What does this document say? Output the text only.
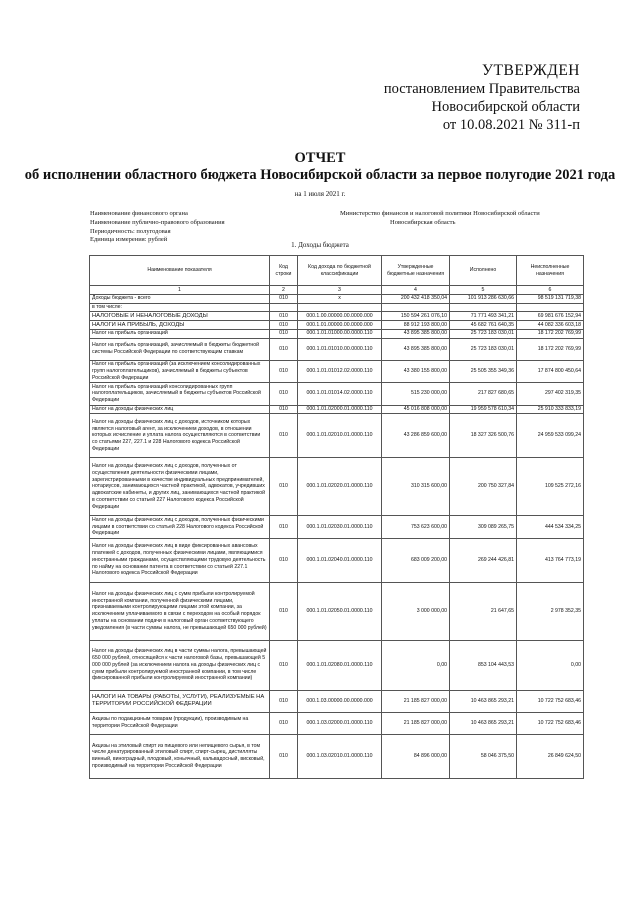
УТВЕРЖДЕН
постановлением Правительства
Новосибирской области
от 10.08.2021 № 311-п
ОТЧЕТ
об исполнении областного бюджета Новосибирской области за первое полугодие 2021 года
на 1 июля 2021 г.
Наименование финансового органа	Министерство финансов и налоговой политики Новосибирской области
Наименование публично-правового образования	Новосибирская область
Периодичность: полугодовая
Единица измерения: рублей
1. Доходы бюджета
Наименование показателя	Код строки	Код дохода по бюджетной классификации	Утвержденные бюджетные назначения	Исполнено	Неисполненные назначения
1	2	3	4	5	6
Доходы бюджета - всего	010	х	200 432 418 350,04	101 913 286 630,66	98 519 131 719,38
в том числе:					
НАЛОГОВЫЕ И НЕНАЛОГОВЫЕ ДОХОДЫ	010	000.1.00.00000.00.0000.000	150 594 261 076,10	71 771 493 341,21	69 981 676 152,94
НАЛОГИ НА ПРИБЫЛЬ, ДОХОДЫ	010	000.1.01.00000.00.0000.000	88 912 193 800,00	45 682 761 640,35	44 082 336 603,18
Налог на прибыль организаций	010	000.1.01.01000.00.0000.110	43 895 385 800,00	25 723 183 030,01	18 172 202 769,99
Налог на прибыль организаций, зачисляемый в бюджеты бюджетной системы Российской Федерации по соответствующим ставкам	010	000.1.01.01010.00.0000.110	43 895 385 800,00	25 723 183 030,01	18 172 202 769,99
Налог на прибыль организаций (за исключением консолидированных групп налогоплательщиков), зачисляемый в бюджеты субъектов Российской Федерации	010	000.1.01.01012.02.0000.110	43 380 155 800,00	25 505 355 349,36	17 874 800 450,64
Налог на прибыль организаций консолидированных групп налогоплательщиков, зачисляемый в бюджеты субъектов Российской Федерации	010	000.1.01.01014.02.0000.110	515 230 000,00	217 827 680,65	297 402 319,35
Налог на доходы физических лиц	010	000.1.01.02000.01.0000.110	45 016 808 000,00	19 959 578 610,34	25 910 333 833,19
Налог на доходы физических лиц с доходов, источником которых является налоговый агент, за исключением доходов, в отношении которых исчисление и уплата налога осуществляются в соответствии со статьями 227, 227.1 и 228 Налогового кодекса Российской Федерации	010	000.1.01.02010.01.0000.110	43 286 859 600,00	18 327 326 500,76	24 959 533 099,24
Налог на доходы физических лиц с доходов, полученных от осуществления деятельности физическими лицами, зарегистрированными в качестве индивидуальных предпринимателей, нотариусов, занимающихся частной практикой, адвокатов, учредивших адвокатские кабинеты, и других лиц, занимающихся частной практикой в соответствии со статьей 227 Налогового кодекса Российской Федерации	010	000.1.01.02020.01.0000.110	310 315 600,00	200 750 327,84	109 525 272,16
Налог на доходы физических лиц с доходов, полученных физическими лицами в соответствии со статьей 228 Налогового кодекса Российской Федерации	010	000.1.01.02030.01.0000.110	753 623 600,00	309 089 265,75	444 534 334,25
Налог на доходы физических лиц в виде фиксированных авансовых платежей с доходов, полученных физическими лицами, являющимися иностранными гражданами, осуществляющими трудовую деятельность по найму на основании патента в соответствии со статьей 227.1 Налогового кодекса Российской Федерации	010	000.1.01.02040.01.0000.110	683 009 200,00	269 244 426,81	413 764 773,19
Налог на доходы физических лиц с сумм прибыли контролируемой иностранной компании, полученной физическими лицами, признаваемыми контролирующими лицами этой компании, за исключением уплачиваемого в связи с переходом на особый порядок уплаты на основании подачи в налоговый орган соответствующего уведомления (в части суммы налога, не превышающей 650 000 рублей)	010	000.1.01.02050.01.0000.110	3 000 000,00	21 647,65	2 978 352,35
Налог на доходы физических лиц в части суммы налога, превышающей 650 000 рублей, относящейся к части налоговой базы, превышающей 5 000 000 рублей (за исключением налога на доходы физических лиц с сумм прибыли контролируемой иностранной компании, в том числе фиксированной прибыли контролируемой иностранной компании)	010	000.1.01.02080.01.0000.110	0,00	853 104 443,53	0,00
НАЛОГИ НА ТОВАРЫ (РАБОТЫ, УСЛУГИ), РЕАЛИЗУЕМЫЕ НА ТЕРРИТОРИИ РОССИЙСКОЙ ФЕДЕРАЦИИ	010	000.1.03.00000.00.0000.000	21 185 827 000,00	10 463 865 293,21	10 722 752 683,46
Акцизы по подакцизным товарам (продукции), производимым на территории Российской Федерации	010	000.1.03.02000.01.0000.110	21 185 827 000,00	10 463 865 293,21	10 722 752 683,46
Акцизы на этиловый спирт из пищевого или непищевого сырья, в том числе денатурированный этиловый спирт, спирт-сырец, дистилляты винный, виноградный, плодовый, коньячный, кальвадосный, висковый, производимый на территории Российской Федерации	010	000.1.03.02010.01.0000.110	84 896 000,00	58 046 375,50	26 849 624,50
